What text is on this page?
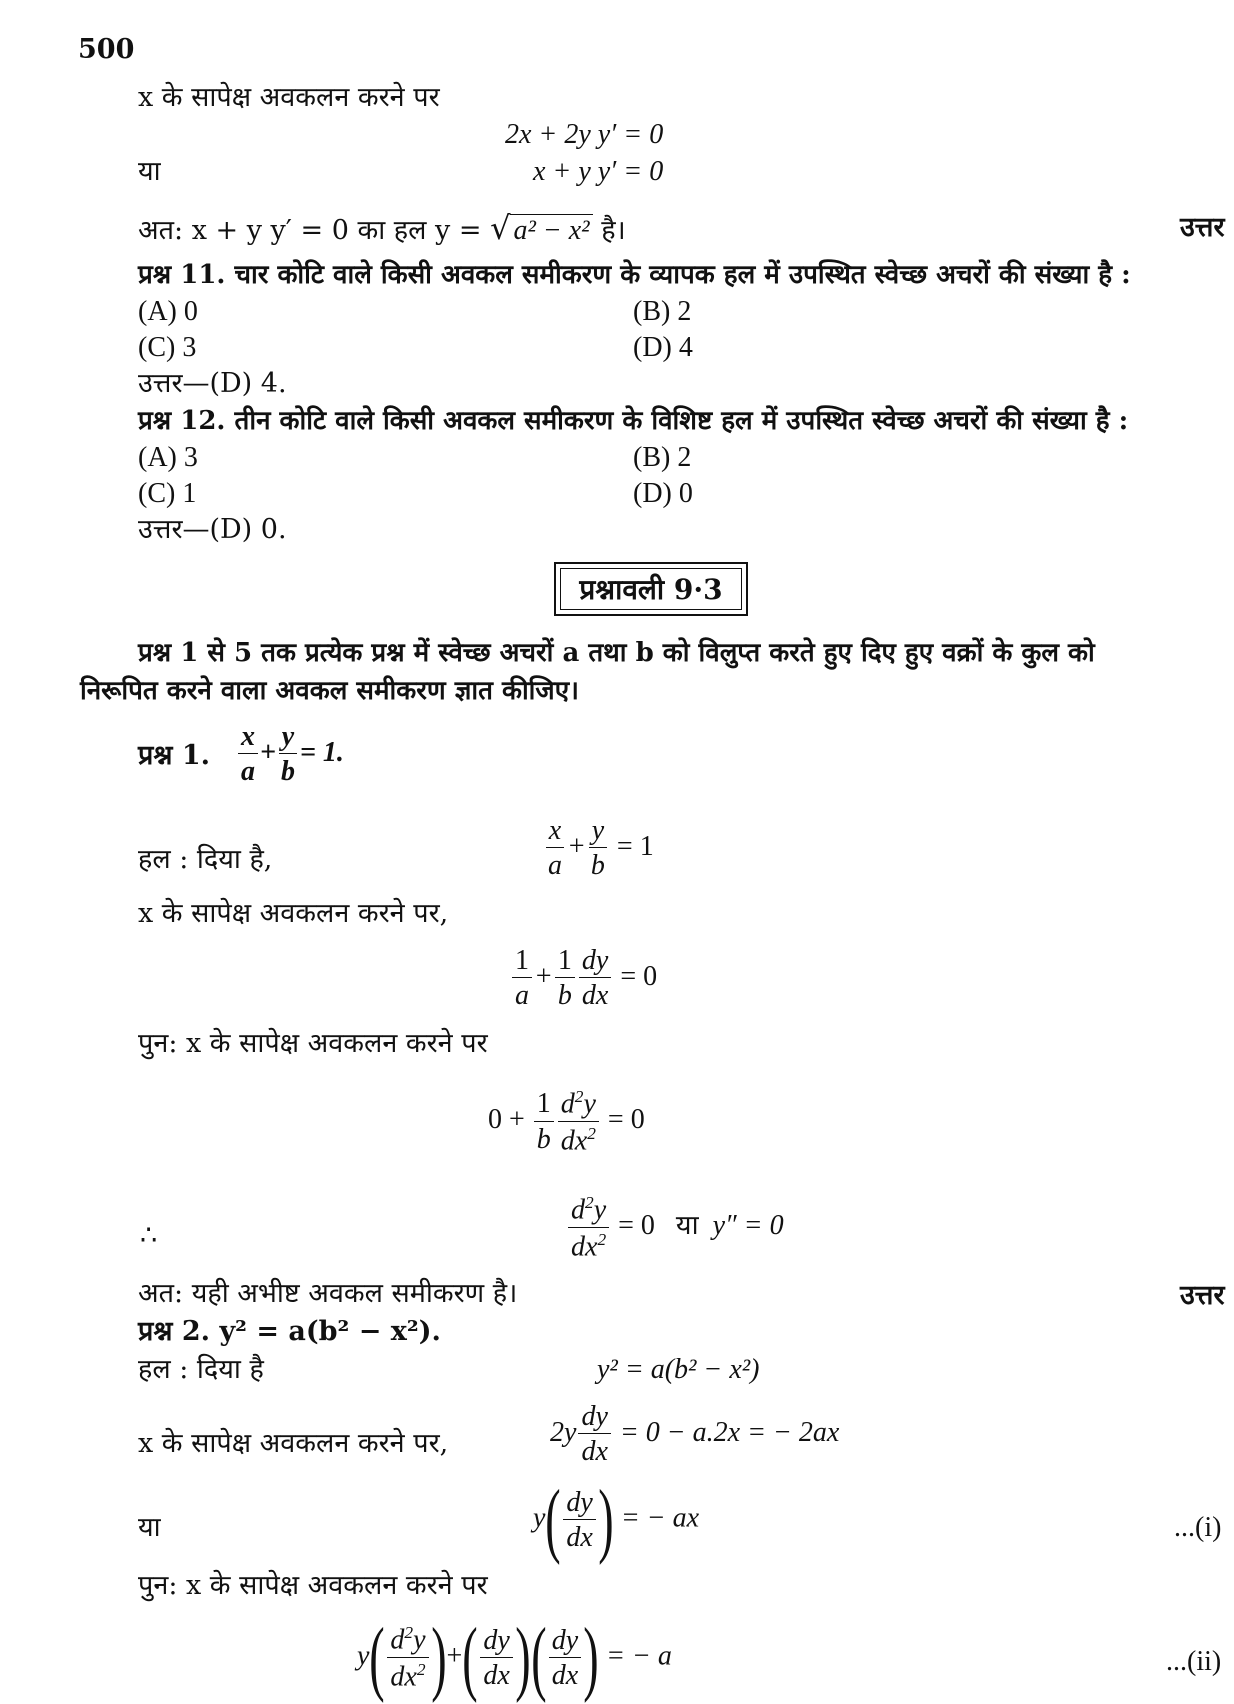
500
x के सापेक्ष अवकलन करने पर
2x + 2y y′ = 0
या	x + y y′ = 0
अत: x + y y′ = 0 का हल y = √ a² − x² है।	उत्तर
प्रश्न 11. चार कोटि वाले किसी अवकल समीकरण के व्यापक हल में उपस्थित स्वेच्छ अचरों की संख्या है :
(A) 0	(B) 2
(C) 3	(D) 4
उत्तर—(D) 4.
प्रश्न 12. तीन कोटि वाले किसी अवकल समीकरण के विशिष्ट हल में उपस्थित स्वेच्छ अचरों की संख्या है :
(A) 3	(B) 2
(C) 1	(D) 0
उत्तर—(D) 0.
प्रश्नावली 9·3
प्रश्न 1 से 5 तक प्रत्येक प्रश्न में स्वेच्छ अचरों a तथा b को विलुप्त करते हुए दिए हुए वक्रों के कुल को
निरूपित करने वाला अवकल समीकरण ज्ञात कीजिए।
प्रश्न 1. $\frac{x}{a} + \frac{y}{b} = 1$.
हल : दिया है,	$\frac{x}{a} + \frac{y}{b} = 1$
x के सापेक्ष अवकलन करने पर,
$\frac{1}{a} + \frac{1}{b} \frac{dy}{dx} = 0$
पुन: x के सापेक्ष अवकलन करने पर
$0 + \frac{1}{b} \frac{d^2y}{dx^2} = 0$
∴	$\frac{d^2y}{dx^2} = 0$   या y″ = 0
अत: यही अभीष्ट अवकल समीकरण है।	उत्तर
प्रश्न 2. y² = a(b² − x²).
हल : दिया है	y² = a(b² − x²)
x के सापेक्ष अवकलन करने पर,	$2y \frac{dy}{dx} = 0 - a.2x$ = − 2ax
या	$y( \frac{dy}{dx}$ ) = − ax	...(i)
पुन: x के सापेक्ष अवकलन करने पर
$y( \frac{d^2y}{dx^2}$ )+( $\frac{dy}{dx}$ )( $\frac{dy}{dx}$ ) = − a	...(ii)
